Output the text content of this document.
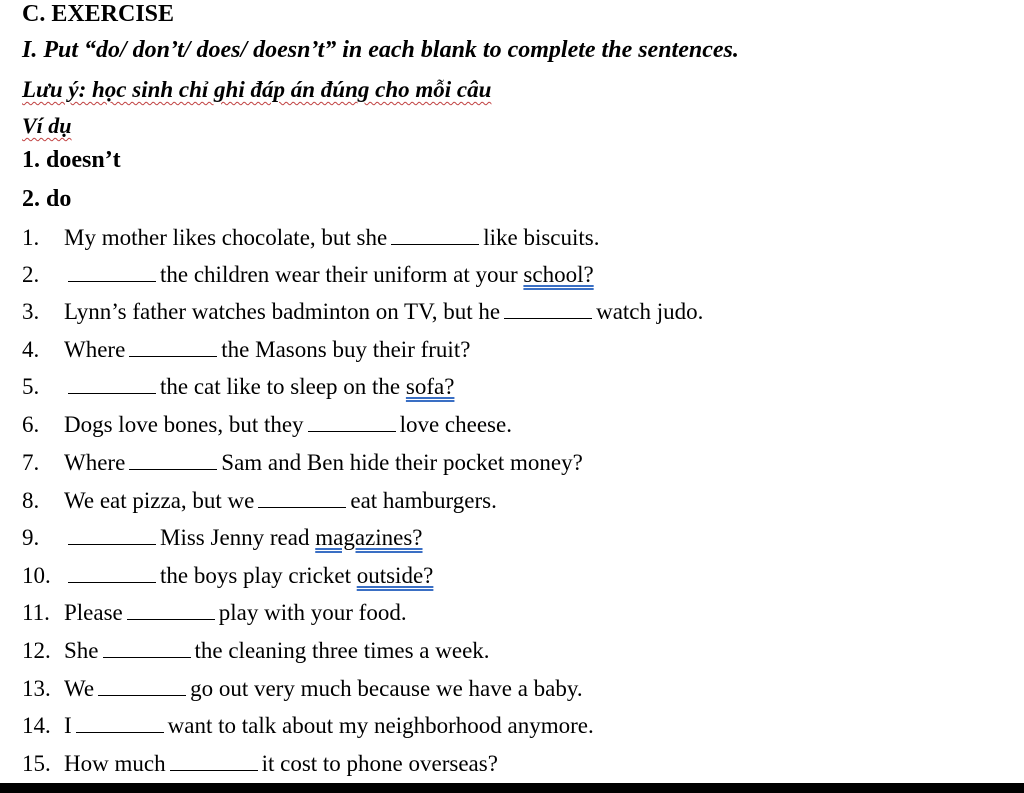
C. EXERCISE
I. Put “do/ don’t/ does/ doesn’t” in each blank to complete the sentences.
Lưu ý: học sinh chỉ ghi đáp án đúng cho mỗi câu
Ví dụ
1. doesn’t
2. do
1. My mother likes chocolate, but she	like biscuits.
2.	the children wear their uniform at your school?
3. Lynn’s father watches badminton on TV, but he	watch judo.
4. Where	the Masons buy their fruit?
5.	the cat like to sleep on the sofa?
6. Dogs love bones, but they	love cheese.
7. Where	Sam and Ben hide their pocket money?
8. We eat pizza, but we	eat hamburgers.
9.	Miss Jenny read magazines?
10.	the boys play cricket outside?
11. Please	play with your food.
12. She	the cleaning three times a week.
13. We	go out very much because we have a baby.
14. I	want to talk about my neighborhood anymore.
15. How much	it cost to phone overseas?
